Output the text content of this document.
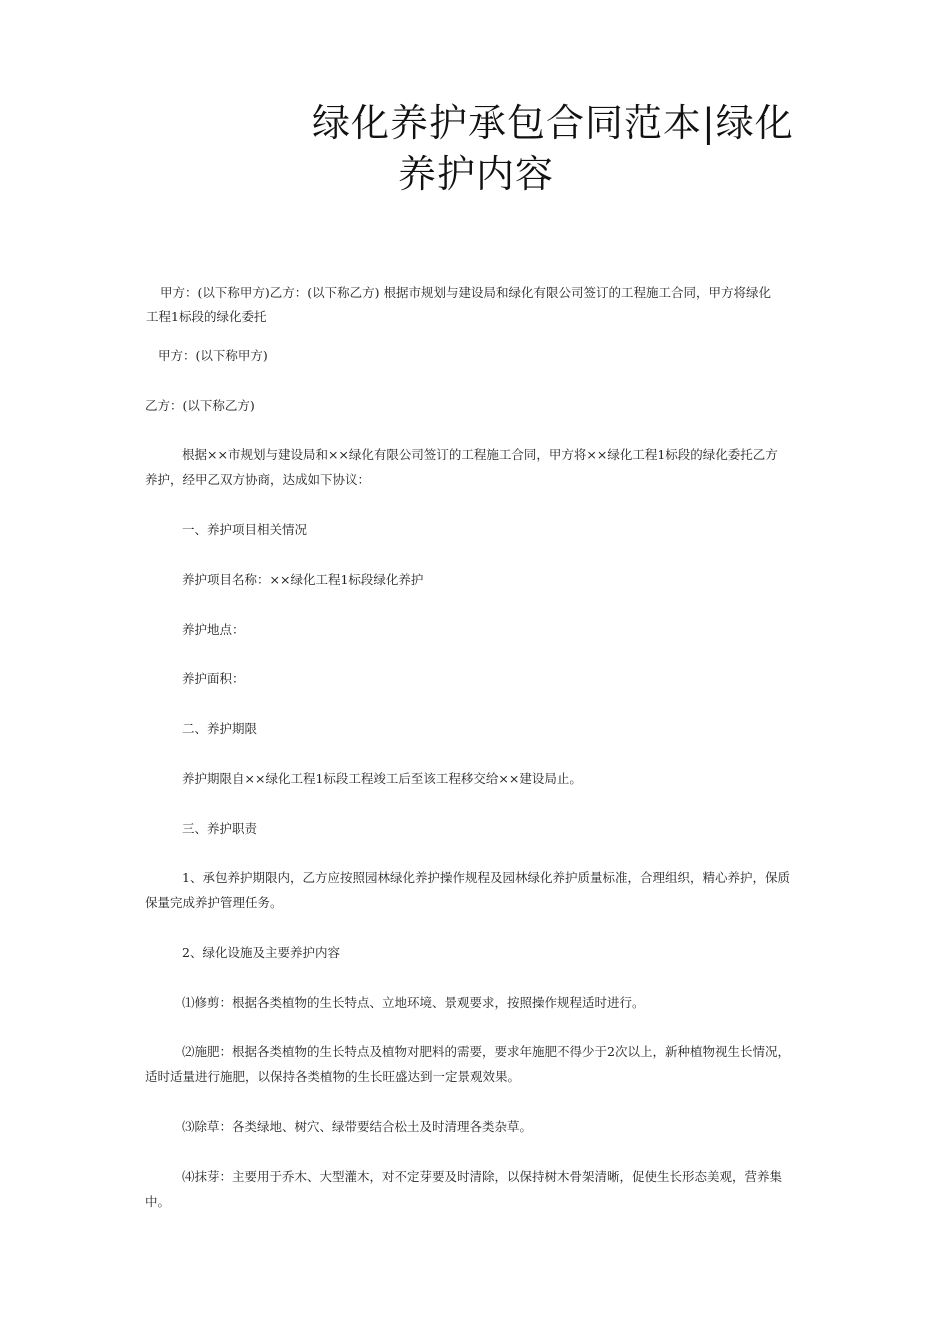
绿化养护承包合同范本|绿化
养护内容
甲方：(以下称甲方)乙方：(以下称乙方) 根据市规划与建设局和绿化有限公司签订的工程施工合同，甲方将绿化
工程1标段的绿化委托
甲方：(以下称甲方)
乙方：(以下称乙方)
根据××市规划与建设局和××绿化有限公司签订的工程施工合同，甲方将××绿化工程1标段的绿化委托乙方
养护，经甲乙双方协商，达成如下协议：
一、养护项目相关情况
养护项目名称：××绿化工程1标段绿化养护
养护地点：
养护面积：
二、养护期限
养护期限自××绿化工程1标段工程竣工后至该工程移交给××建设局止。
三、养护职责
1、承包养护期限内，乙方应按照园林绿化养护操作规程及园林绿化养护质量标准，合理组织，精心养护，保质
保量完成养护管理任务。
2、绿化设施及主要养护内容
⑴修剪：根据各类植物的生长特点、立地环境、景观要求，按照操作规程适时进行。
⑵施肥：根据各类植物的生长特点及植物对肥料的需要，要求年施肥不得少于2次以上，新种植物视生长情况，
适时适量进行施肥，以保持各类植物的生长旺盛达到一定景观效果。
⑶除草：各类绿地、树穴、绿带要结合松土及时清理各类杂草。
⑷抹芽：主要用于乔木、大型灌木，对不定芽要及时清除，以保持树木骨架清晰，促使生长形态美观，营养集
中。
